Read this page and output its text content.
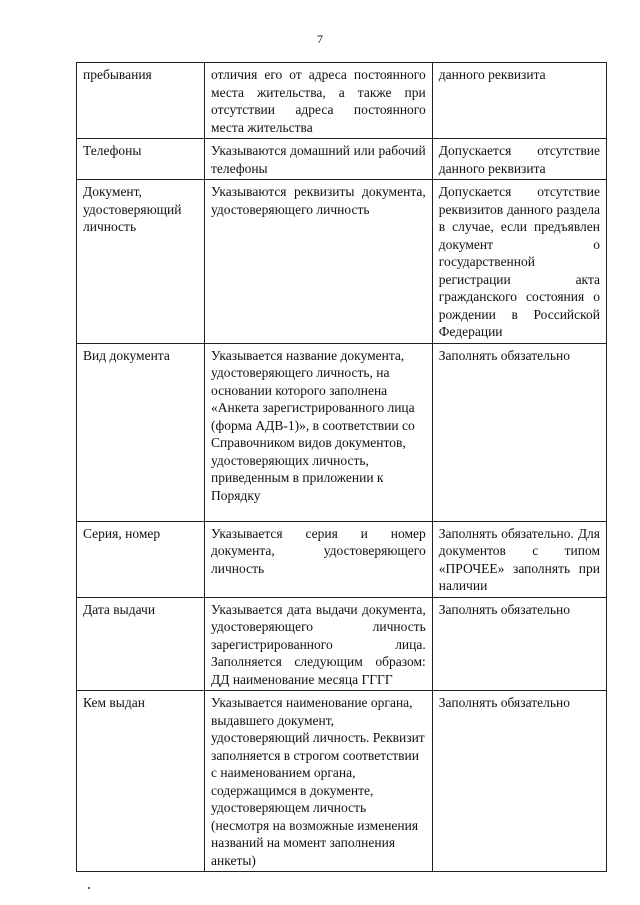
7
пребывания	отличия его от адреса постоянного места жительства, а также при отсутствии адреса постоянного места жительства	данного реквизита
Телефоны	Указываются домашний или рабочий телефоны	Допускается отсутствие данного реквизита
Документ, удостоверяющий личность	Указываются реквизиты документа, удостоверяющего личность	Допускается отсутствие реквизитов данного раздела в случае, если предъявлен документ о государственной регистрации акта гражданского состояния о рождении в Российской Федерации
Вид документа	Указывается название документа, удостоверяющего личность, на основании которого заполнена «Анкета зарегистрированного лица (форма АДВ-1)», в соответствии со Справочником видов документов, удостоверяющих личность, приведенным в приложении к Порядку	Заполнять обязательно
Серия, номер	Указывается серия и номер документа, удостоверяющего личность	Заполнять обязательно. Для документов с типом «ПРОЧЕЕ» заполнять при наличии
Дата выдачи	Указывается дата выдачи документа, удостоверяющего личность зарегистрированного лица. Заполняется следующим образом: ДД наименование месяца ГГГГ	Заполнять обязательно
Кем выдан	Указывается наименование органа, выдавшего документ, удостоверяющий личность. Реквизит заполняется в строгом соответствии с наименованием органа, содержащимся в документе, удостоверяющем личность (несмотря на возможные изменения названий на момент заполнения анкеты)	Заполнять обязательно
